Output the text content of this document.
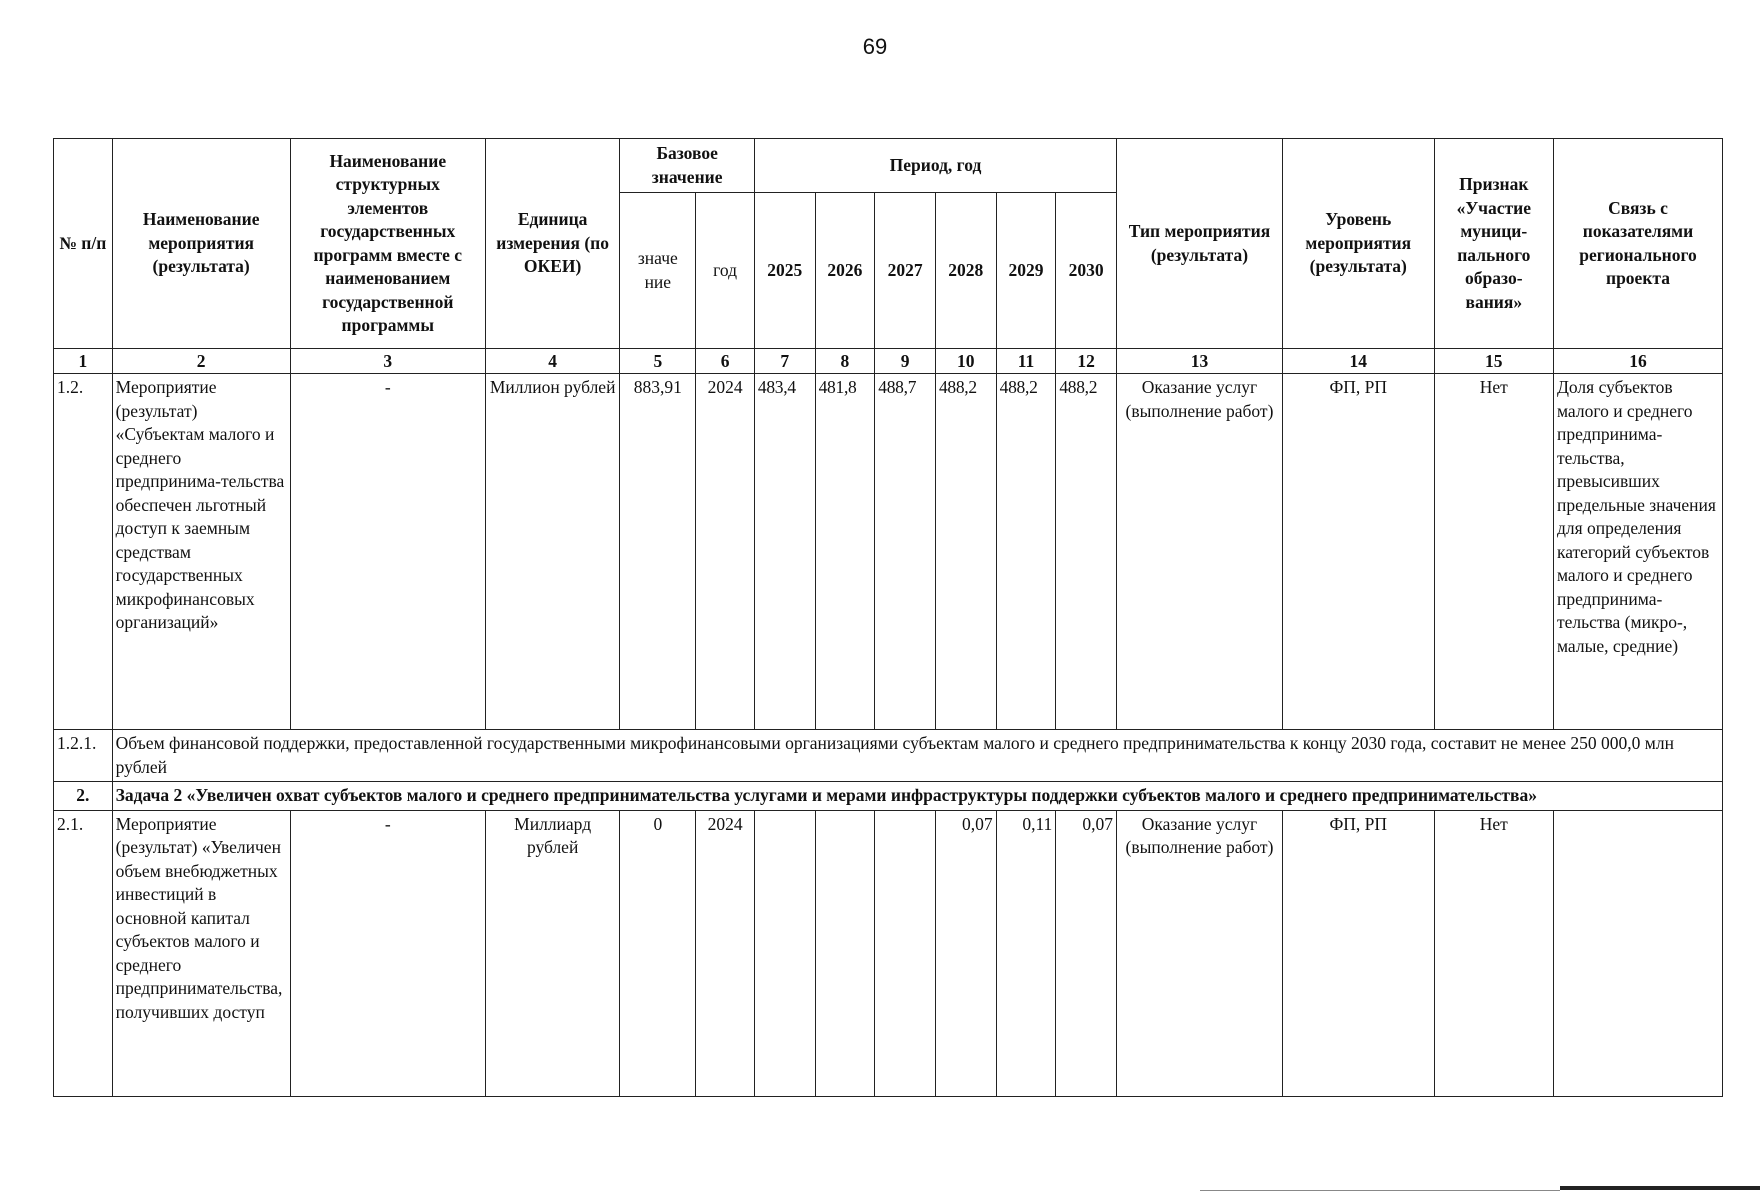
69
№ п/п	Наименование мероприятия (результата)	Наименование структурных элементов государственных программ вместе с наименованием государственной программы	Единица измерения (по ОКЕИ)	Базовое значение		Период, год						Тип мероприятия (результата)	Уровень мероприятия (результата)	Признак «Участие муници-пального образо-вания»	Связь с показателями регионального проекта
				значе ние	год	2025	2026	2027	2028	2029	2030				
1	2	3	4	5	6	7	8	9	10	11	12	13	14	15	16
1.2.	Мероприятие (результат) «Субъектам малого и среднего предпринима-тельства обеспечен льготный доступ к заемным средствам государственных микрофинансовых организаций»	-	Миллион рублей	883,91	2024	483,4	481,8	488,7	488,2	488,2	488,2	Оказание услуг (выполнение работ)	ФП, РП	Нет	Доля субъектов малого и среднего предпринима-тельства, превысивших предельные значения для определения категорий субъектов малого и среднего предпринима-тельства (микро-, малые, средние)
1.2.1.	Объем финансовой поддержки, предоставленной государственными микрофинансовыми организациями субъектам малого и среднего предпринимательства к концу 2030 года, составит не менее 250 000,0 млн рублей														
2.	Задача 2 «Увеличен охват субъектов малого и среднего предпринимательства услугами и мерами инфраструктуры поддержки субъектов малого и среднего предпринимательства»														
2.1.	Мероприятие (результат) «Увеличен объем внебюджетных инвестиций в основной капитал субъектов малого и среднего предпринимательства, получивших доступ	-	Миллиард рублей	0	2024				0,07	0,11	0,07	Оказание услуг (выполнение работ)	ФП, РП	Нет	
